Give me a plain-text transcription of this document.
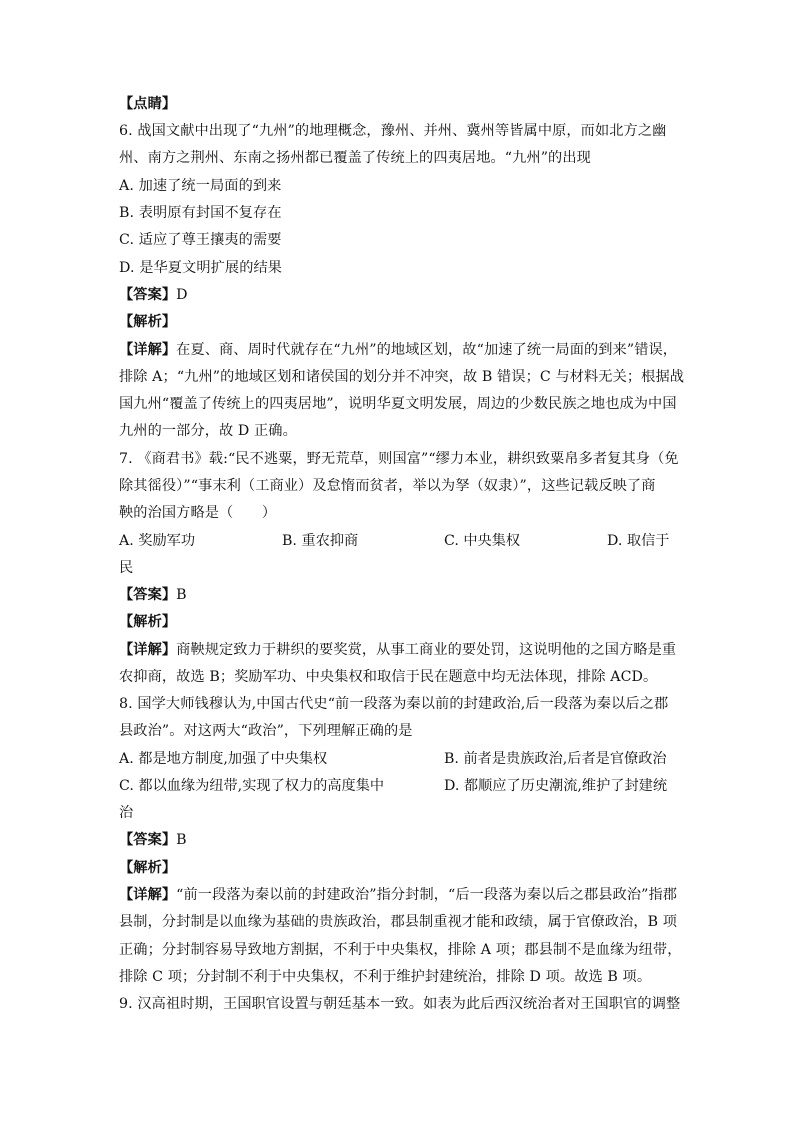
【点睛】
6. 战国文献中出现了“九州”的地理概念，豫州、并州、冀州等皆属中原，而如北方之幽
州、南方之荆州、东南之扬州都已覆盖了传统上的四夷居地。“九州”的出现
A. 加速了统一局面的到来
B. 表明原有封国不复存在
C. 适应了尊王攘夷的需要
D. 是华夏文明扩展的结果
【答案】D
【解析】
【详解】在夏、商、周时代就存在“九州”的地域区划，故“加速了统一局面的到来”错误，
排除 A；“九州”的地域区划和诸侯国的划分并不冲突，故 B 错误；C 与材料无关；根据战
国九州“覆盖了传统上的四夷居地”，说明华夏文明发展，周边的少数民族之地也成为中国
九州的一部分，故 D 正确。
7. 《商君书》载:“民不逃粟，野无荒草，则国富”“缪力本业，耕织致粟帛多者复其身（免
除其徭役）”“事末利（工商业）及怠惰而贫者，举以为孥（奴隶）”，这些记载反映了商
鞅的治国方略是（　　）
A. 奖励军功	B. 重农抑商	C. 中央集权	D. 取信于
民
【答案】B
【解析】
【详解】商鞅规定致力于耕织的要奖赏，从事工商业的要处罚，这说明他的之国方略是重
农抑商，故选 B；奖励军功、中央集权和取信于民在题意中均无法体现，排除 ACD。
8. 国学大师钱穆认为,中国古代史“前一段落为秦以前的封建政治,后一段落为秦以后之郡
县政治”。对这两大“政治”，下列理解正确的是
A. 都是地方制度,加强了中央集权	B. 前者是贵族政治,后者是官僚政治
C. 都以血缘为纽带,实现了权力的高度集中	D. 都顺应了历史潮流,维护了封建统
治
【答案】B
【解析】
【详解】“前一段落为秦以前的封建政治”指分封制，“后一段落为秦以后之郡县政治”指郡
县制，分封制是以血缘为基础的贵族政治，郡县制重视才能和政绩，属于官僚政治，B 项
正确；分封制容易导致地方割据，不利于中央集权，排除 A 项；郡县制不是血缘为纽带，
排除 C 项；分封制不利于中央集权，不利于维护封建统治，排除 D 项。故选 B 项。
9. 汉高祖时期，王国职官设置与朝廷基本一致。如表为此后西汉统治者对王国职官的调整
